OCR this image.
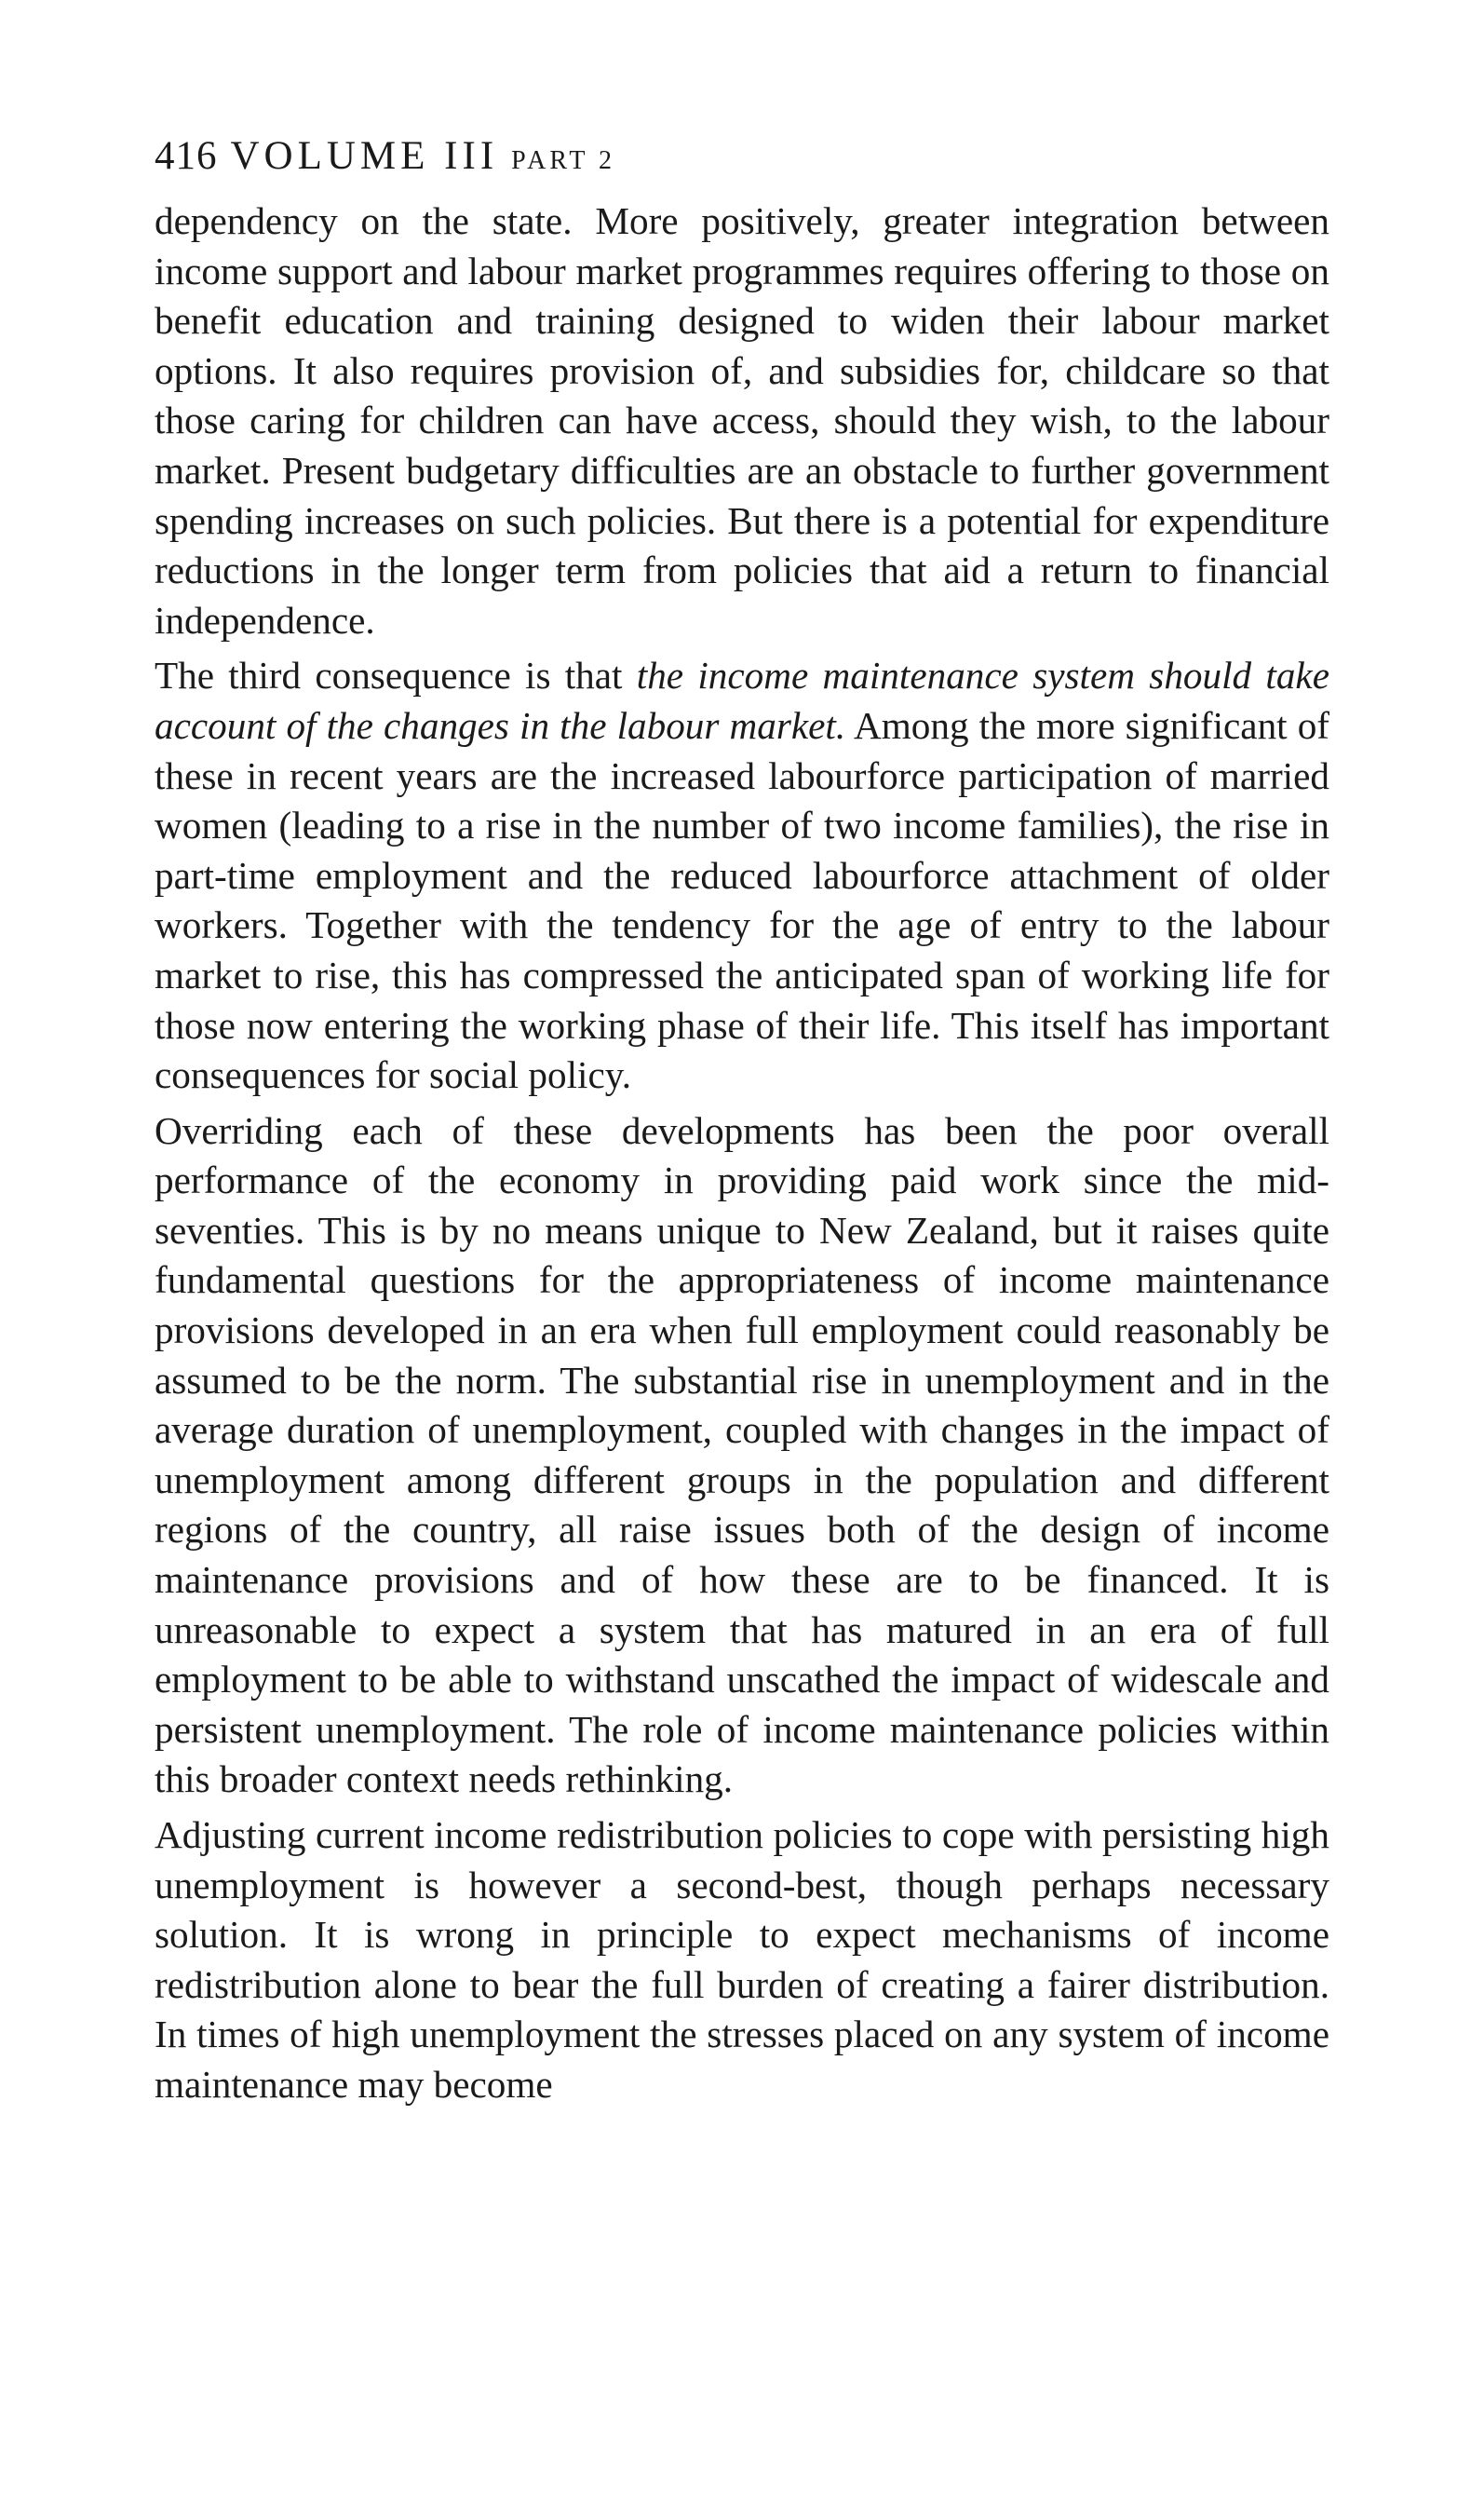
416 VOLUME III PART 2

dependency on the state. More positively, greater integration between income support and labour market programmes requires offering to those on benefit education and training designed to widen their labour market options. It also requires provision of, and subsidies for, childcare so that those caring for children can have access, should they wish, to the labour market. Present budgetary difficulties are an obstacle to further government spending increases on such policies. But there is a potential for expenditure reductions in the longer term from policies that aid a return to financial independence.

The third consequence is that the income maintenance system should take account of the changes in the labour market. Among the more significant of these in recent years are the increased labourforce participation of married women (leading to a rise in the number of two income families), the rise in part-time employment and the reduced labourforce attachment of older workers. Together with the tendency for the age of entry to the labour market to rise, this has compressed the anticipated span of working life for those now entering the working phase of their life. This itself has important consequences for social policy.

Overriding each of these developments has been the poor overall performance of the economy in providing paid work since the mid-seventies. This is by no means unique to New Zealand, but it raises quite fundamental questions for the appropriateness of income maintenance provisions developed in an era when full employment could reasonably be assumed to be the norm. The substantial rise in unemployment and in the average duration of unemployment, coupled with changes in the impact of unemployment among different groups in the population and different regions of the country, all raise issues both of the design of income maintenance provisions and of how these are to be financed. It is unreasonable to expect a system that has matured in an era of full employment to be able to withstand unscathed the impact of widescale and persistent unemployment. The role of income maintenance policies within this broader context needs rethinking.

Adjusting current income redistribution policies to cope with persisting high unemployment is however a second-best, though perhaps necessary solution. It is wrong in principle to expect mechanisms of income redistribution alone to bear the full burden of creating a fairer distribution. In times of high unemployment the stresses placed on any system of income maintenance may become
